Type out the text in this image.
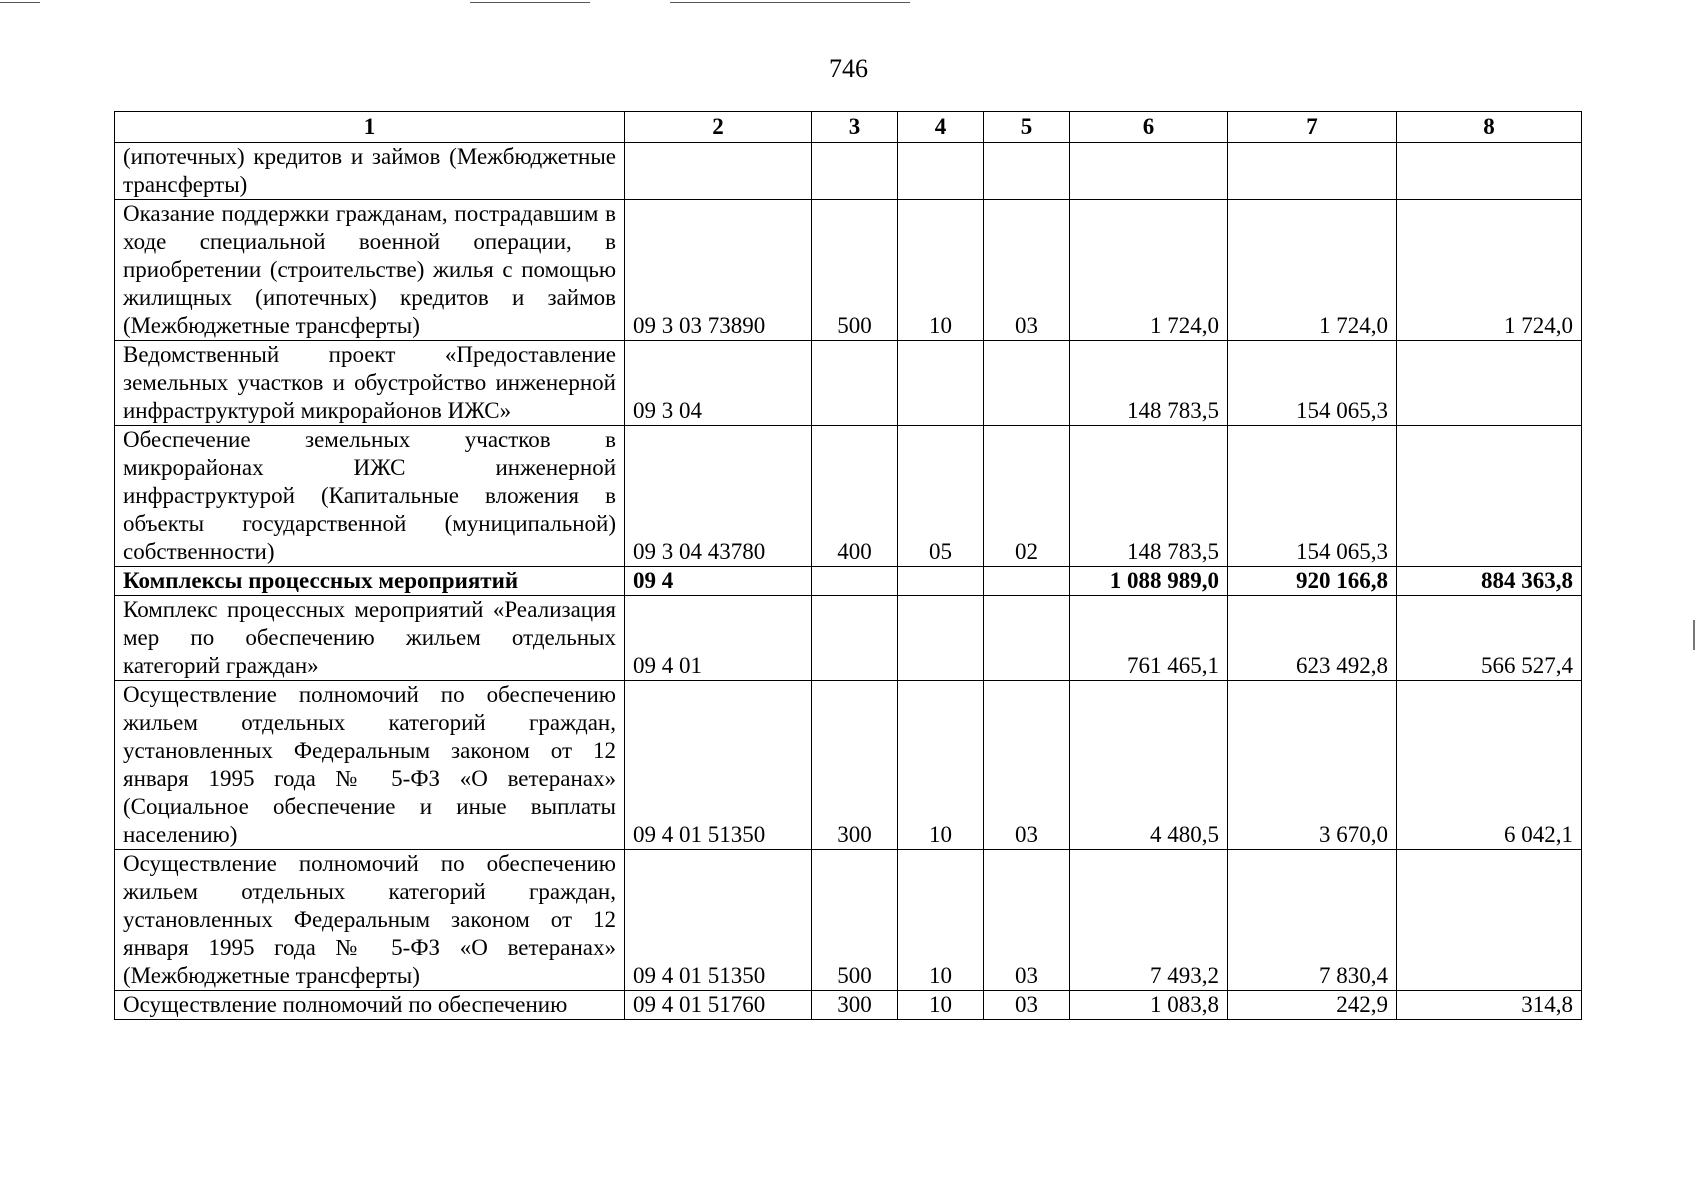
746
1	2	3	4	5	6	7	8
(ипотечных) кредитов и займов (Межбюджетные трансферты)							
Оказание поддержки гражданам, пострадавшим в ходе специальной военной операции, в приобретении (строительстве) жилья с помощью жилищных (ипотечных) кредитов и займов (Межбюджетные трансферты)	09 3 03 73890	500	10	03	1 724,0	1 724,0	1 724,0
Ведомственный проект «Предоставление земельных участков и обустройство инженерной инфраструктурой микрорайонов ИЖС»	09 3 04				148 783,5	154 065,3	
Обеспечение земельных участков в микрорайонах ИЖС инженерной инфраструктурой (Капитальные вложения в объекты государственной (муниципальной) собственности)	09 3 04 43780	400	05	02	148 783,5	154 065,3	
Комплексы процессных мероприятий	09 4				1 088 989,0	920 166,8	884 363,8
Комплекс процессных мероприятий «Реализация мер по обеспечению жильем отдельных категорий граждан»	09 4 01				761 465,1	623 492,8	566 527,4
Осуществление полномочий по обеспечению жильем отдельных категорий граждан, установленных Федеральным законом от 12 января 1995 года № 5-ФЗ «О ветеранах» (Социальное обеспечение и иные выплаты населению)	09 4 01 51350	300	10	03	4 480,5	3 670,0	6 042,1
Осуществление полномочий по обеспечению жильем отдельных категорий граждан, установленных Федеральным законом от 12 января 1995 года № 5-ФЗ «О ветеранах» (Межбюджетные трансферты)	09 4 01 51350	500	10	03	7 493,2	7 830,4	
Осуществление полномочий по обеспечению	09 4 01 51760	300	10	03	1 083,8	242,9	314,8
